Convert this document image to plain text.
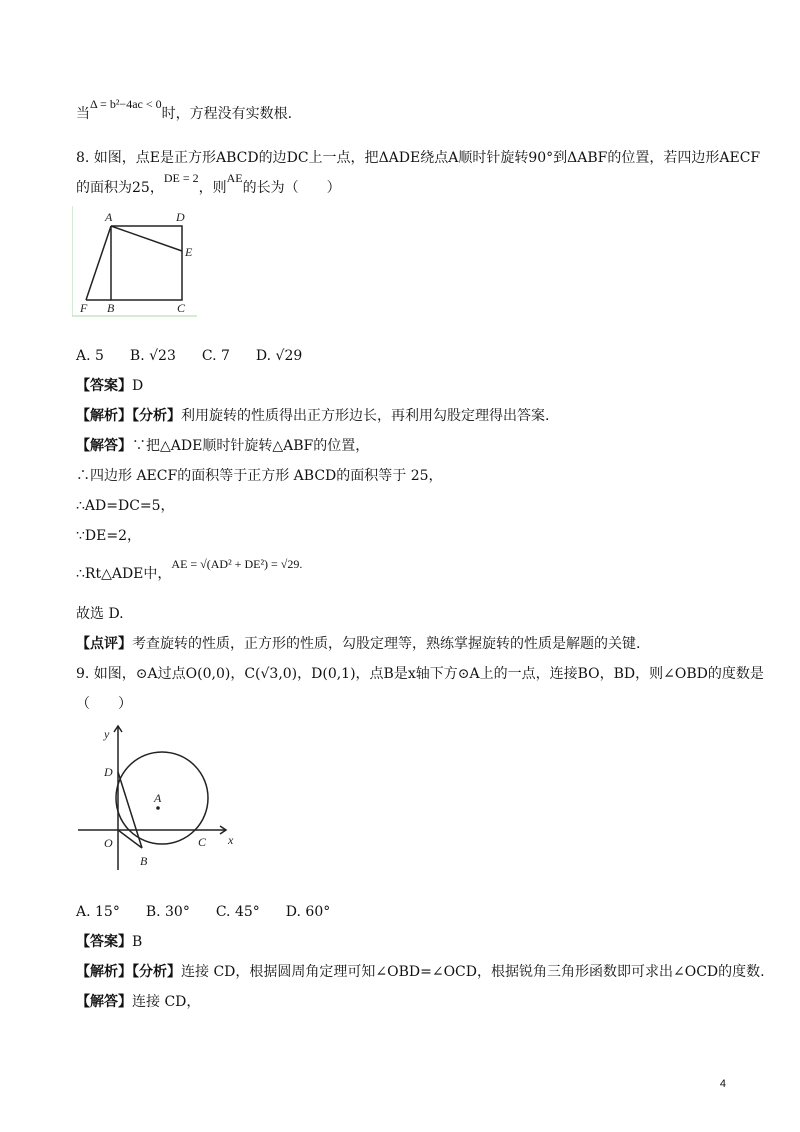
当Δ = b²−4ac < 0时，方程没有实数根.
8. 如图，点E是正方形ABCD的边DC上一点，把ΔADE绕点A顺时针旋转90°到ΔABF的位置，若四边形AECF
的面积为25，DE = 2，则AE的长为（　　）
A	D
E
F B	C
A. 5 B. √23 C. 7 D. √29
【答案】D
【解析】【分析】利用旋转的性质得出正方形边长，再利用勾股定理得出答案.
【解答】∵把△ADE顺时针旋转△ABF的位置，
∴四边形 AECF的面积等于正方形 ABCD的面积等于 25，
∴AD=DC=5，
∵DE=2，
∴Rt△ADE中，AE = √(AD² + DE²) = √29.
故选 D.
【点评】考查旋转的性质，正方形的性质，勾股定理等，熟练掌握旋转的性质是解题的关键.
9. 如图，⊙A过点O(0,0)，C(√3,0)，D(0,1)，点B是x轴下方⊙A上的一点，连接BO，BD，则∠OBD的度数是
（　　）
y
x
D
A
O	C
B
A. 15° B. 30° C. 45° D. 60°
【答案】B
【解析】【分析】连接 CD，根据圆周角定理可知∠OBD=∠OCD，根据锐角三角形函数即可求出∠OCD的度数.
【解答】连接 CD，
4
